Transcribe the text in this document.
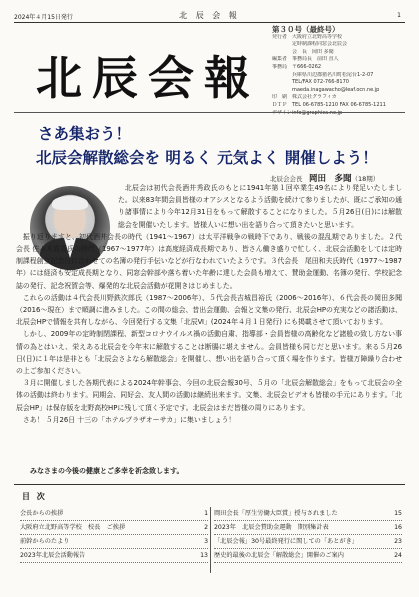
2024年４月15日発行	北 辰 会 報	1
北辰会報
第３０号（最終号）
発行者 大阪府立北野高等学校
定時制課程同窓会北辰会
会　長　岡田 多聞
編集者 事務局長　前田 直人
事務局 〒666-0262
兵庫県川辺郡猪名川町松尾台1-2-07
TEL/FAX 072-766-8170
maeda.inagawacho@leaf.ocn.ne.jp
印　刷 株式会社グラフィカ
ＤＴＰ TEL 06-6785-1210 FAX 06-6785-1211
デザイン info@graphica.ne.jp
さあ集おう！
北辰会解散総会を 明るく 元気よく 開催しよう！
北辰会会長　 岡田　多聞（18期）

北辰会は初代会長酒井秀政氏のもとに1941年第１回卒業生49名により発足いたしました。以来83年間会員皆様のオアシスとなるよう活動を続けて参りましたが、既にご承知の通り諸事情により今年12月31日をもって解散することになりました。５月26日(日)には解散総会を開催いたします。皆様人いに想い出を語り合って頂きたいと思います。

振り返りますと、初代酒井会長の時代（1941～1967）は太平洋戦争の戦時下であり、戦後の混乱期でありました。２代会長 佐々木真喜氏の時代（1967～1977年）は高度経済成長期であり、皆さん働き盛りで忙しく、北辰会活動をしては定時制課程創立記念日に合わせての名簿の発行手伝いなどが行なわれていたようです。３代会長　尾田和夫氏時代（1977～1987年）には経済も安定成長期となり、同窓会幹部や落ち着いた年齢に達した会員も増えて、賛助金運動、名簿の発行、学校記念誌の発行、記念祝賀会等、爆発的な北辰会活動が花開きはじめました。

これらの活動は４代会長川野鉄次郎氏（1987～2006年）、５代会長吉城昌裕氏（2006～2016年）、６代会長の岡田多聞（2016～現在）まで順調に進みました。この間の総会、昔出会運動、会報と文集の発行、北辰会HPの充実などの諸活動は、北辰会HPで情報を共有しながら、今回発行する文集「北辰Ⅵ」(2024年４月１日発行) にも掲載させて頂いております。

しかし、2009年の定時制閉課程、新型コロナウイルス禍の活動自粛、指導部・会員皆様の高齢化など諸般の致し方ない事情の為とはいえ、栄えある北辰会を今年末に解散することは断腸に堪えません。会員皆様も同じだと思います。来る５月26日(日)に１年は是非とも「北辰会さよなら解散総会」を開催し、想い出を語り合って頂く場を作ります。皆様万障繰り合わせの上ご参加ください。

３月に開催しました各期代表による2024年幹事会、今回の北辰会報30号、５月の「北辰会解散総会」をもって北辰会の全体の活動は終わります。同期会、同好会、友人間の活動は継続出来ます。文集、北辰会ビデオも皆様の手元にあります。「北辰会HP」は保存版を北野高校HPに残して頂く予定です。北辰会はまだ皆様の周りにあります。

さあ！ ５月26日 十三の「ホテルプラザオーサカ」に集いましょう！

みなさまの今後の健康とご多幸を祈念致します。
目 次
会長からの挨拶	1
大阪府立北野高等学校　校長　ご挨拶	2
前幹からのたより	3
2023年北辰会活動報告	13
岡田会長「厚生労働大臣賞」授与されました	15
2023年　北辰会賛助金運動　期別集計表	16
「北辰会報」30号最終発行に関しての「あとがき」	23
歴史的最後の北辰会「解散総会」開催のご案内	24
